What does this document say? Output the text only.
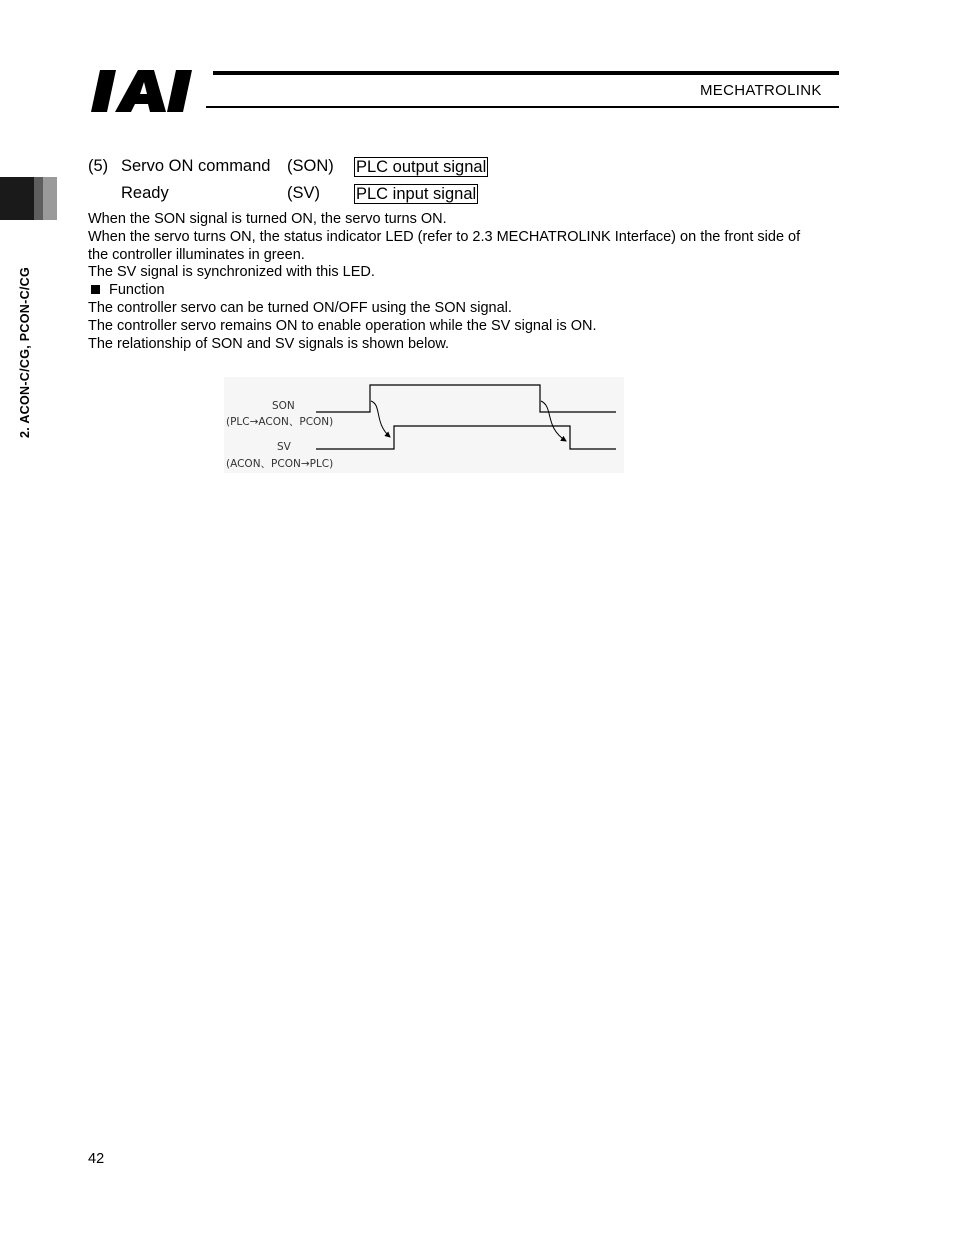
IAI
MECHATROLINK
2. ACON-C/CG, PCON-C/CG
(5) Servo ON command (SON) PLC output signal
Ready	(SV) PLC input signal
When the SON signal is turned ON, the servo turns ON.
When the servo turns ON, the status indicator LED (refer to 2.3 MECHATROLINK Interface) on the front side of
the controller illuminates in green.
The SV signal is synchronized with this LED.
Function
The controller servo can be turned ON/OFF using the SON signal.
The controller servo remains ON to enable operation while the SV signal is ON.
The relationship of SON and SV signals is shown below.
SON
(PLC→ACON、PCON)
SV
(ACON、PCON→PLC)
42
